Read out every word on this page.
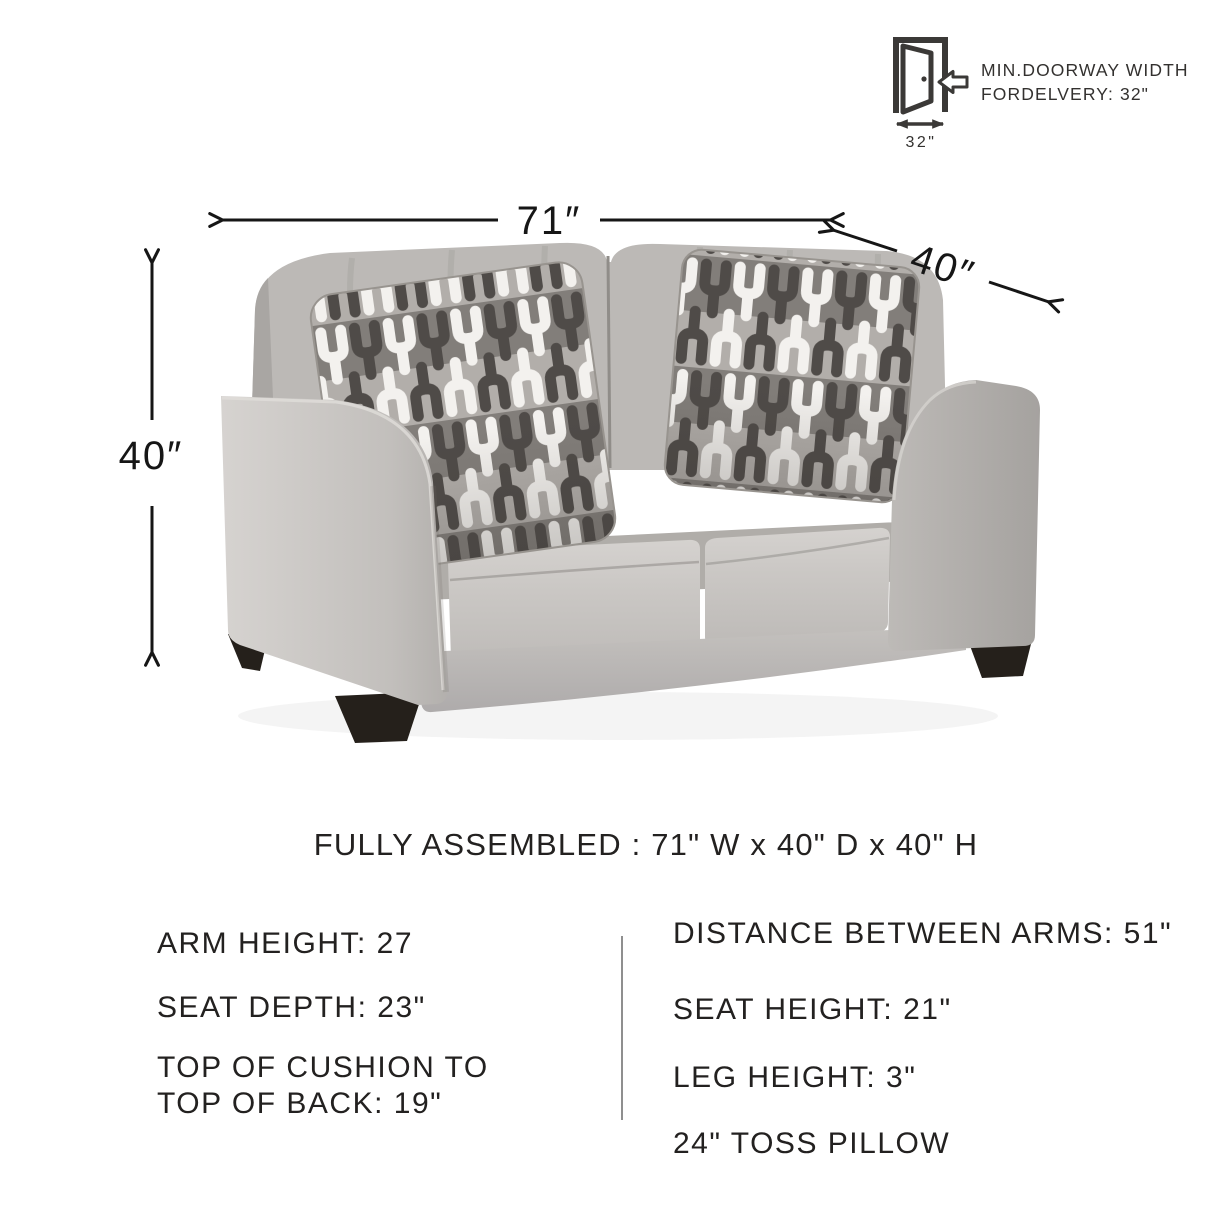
71″
40″
40″
32"
MIN.DOORWAY WIDTH
FORDELVERY: 32"
FULLY ASSEMBLED : 71" W x 40" D x 40" H
ARM HEIGHT: 27
SEAT DEPTH: 23"
TOP OF CUSHION TO TOP OF BACK: 19"
DISTANCE BETWEEN ARMS: 51"
SEAT HEIGHT: 21"
LEG HEIGHT: 3"
24" TOSS PILLOW
